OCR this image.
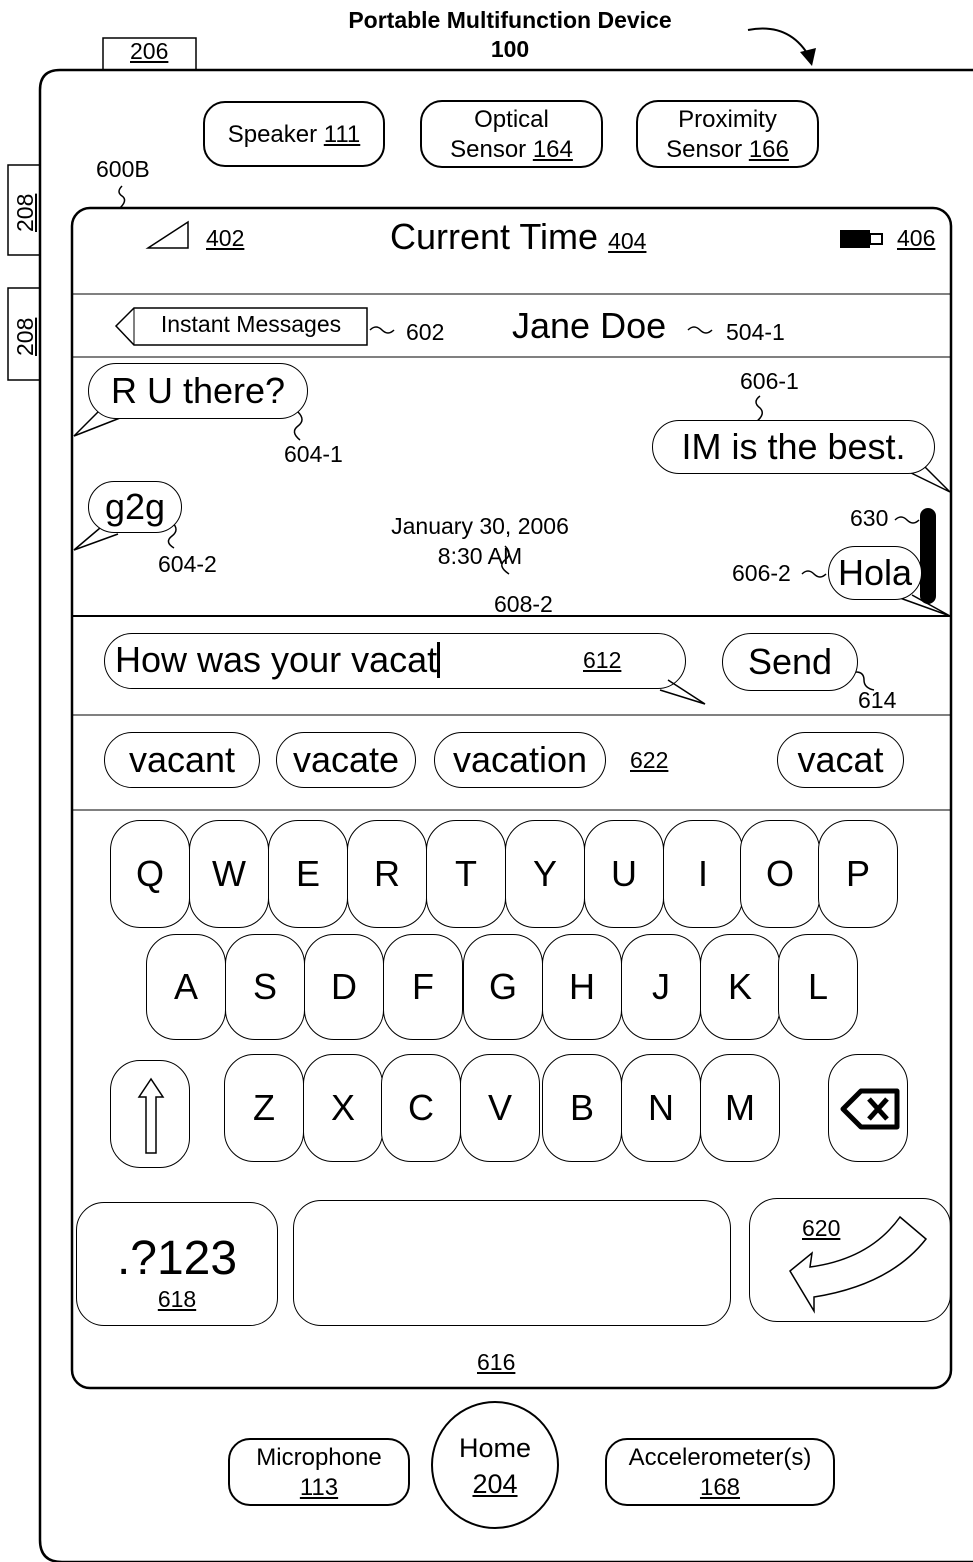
Portable Multifunction Device
100
206
208
208
600B
Speaker 111
Optical
Sensor 164
Proximity
Sensor 166
402	Current Time 404	406
Instant Messages	602 Jane Doe	504-1
R U there?
604-1
606-1
IM is the best.
g2g
604-2
January 30, 2006
8:30 AM
608-2
630
606-2 Hola
How was your vacat	612	Send
614
vacant vacate vacation 622	vacat
Q	W	E	R	T	Y	U	I	O	P
A	S	D	F	G	H	J	K	L
Z	X	C	V	B	N	M
.?123
618
620
616
Microphone
113
Home
204
Accelerometer(s)
168
